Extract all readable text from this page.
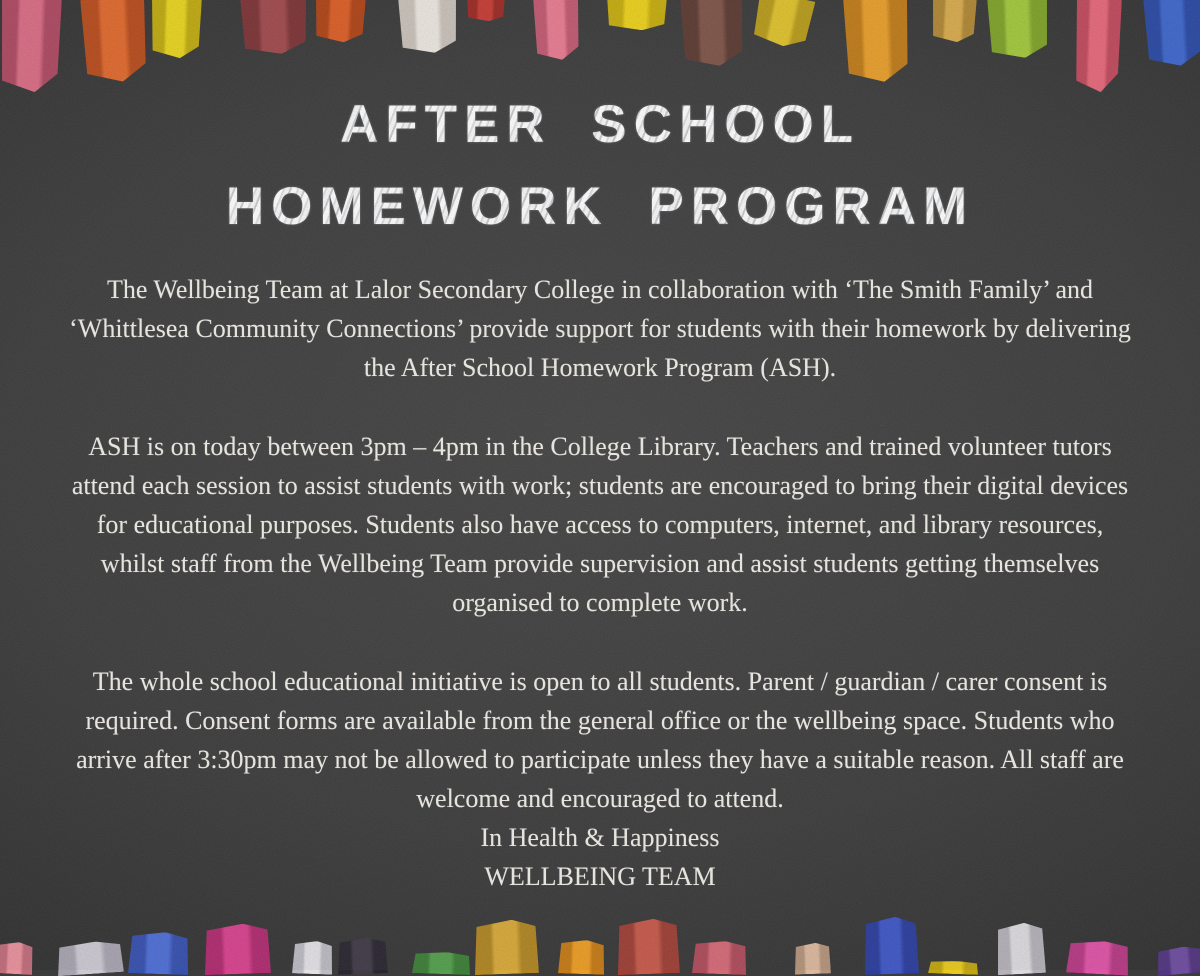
AFTER SCHOOL
HOMEWORK PROGRAM

The Wellbeing Team at Lalor Secondary College in collaboration with ‘The Smith Family’ and ‘Whittlesea Community Connections’ provide support for students with their homework by delivering the After School Homework Program (ASH).

ASH is on today between 3pm – 4pm in the College Library. Teachers and trained volunteer tutors attend each session to assist students with work; students are encouraged to bring their digital devices for educational purposes. Students also have access to computers, internet, and library resources, whilst staff from the Wellbeing Team provide supervision and assist students getting themselves organised to complete work.

The whole school educational initiative is open to all students. Parent / guardian / carer consent is required. Consent forms are available from the general office or the wellbeing space. Students who arrive after 3:30pm may not be allowed to participate unless they have a suitable reason. All staff are welcome and encouraged to attend.

In Health & Happiness
WELLBEING TEAM
